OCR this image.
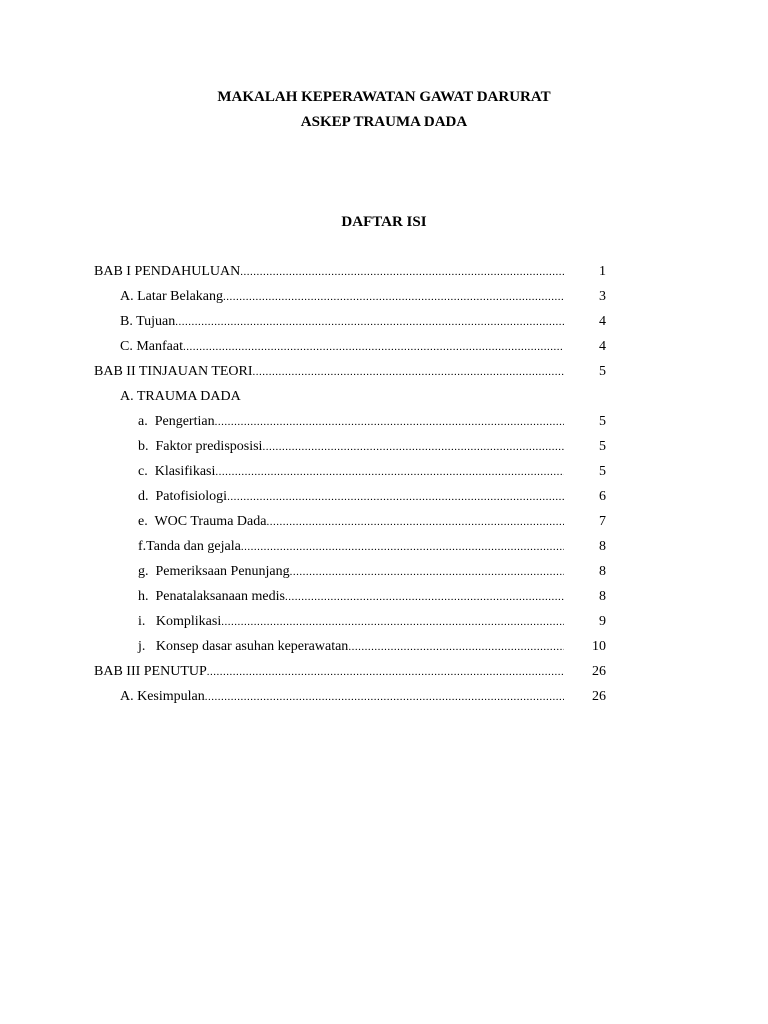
MAKALAH KEPERAWATAN GAWAT DARURAT
ASKEP TRAUMA DADA
DAFTAR ISI
BAB I PENDAHULUAN .....	1
A. Latar Belakang .....	3
B. Tujuan .....	4
C. Manfaat .....	4
BAB II TINJAUAN TEORI .....	5
A. TRAUMA DADA
a.  Pengertian .....	5
b.  Faktor predisposisi .....	5
c.  Klasifikasi .....	5
d.  Patofisiologi .....	6
e.  WOC Trauma Dada .....	7
f.Tanda dan gejala .....	8
g.  Pemeriksaan Penunjang .....	8
h.  Penatalaksanaan medis .....	8
i.   Komplikasi .....	9
j.   Konsep dasar asuhan keperawatan .....	10
BAB III PENUTUP .....	26
A. Kesimpulan .....	26
